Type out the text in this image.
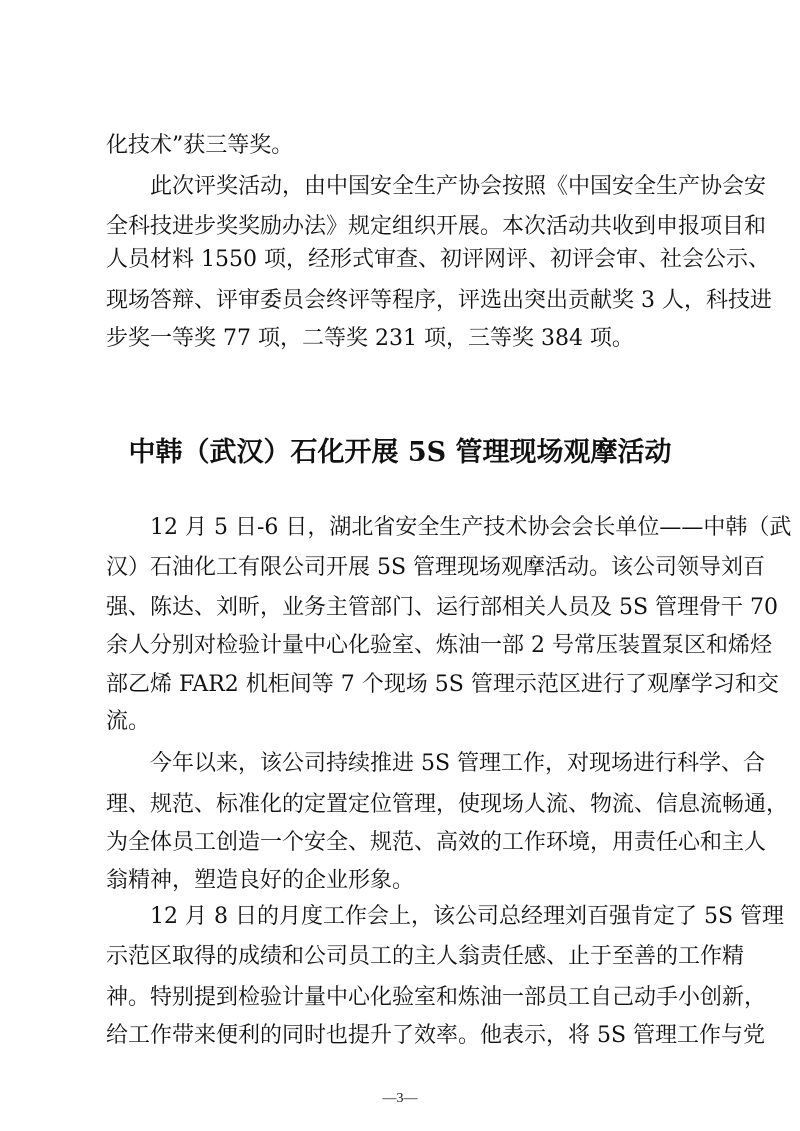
化技术”获三等奖。
此次评奖活动，由中国安全生产协会按照《中国安全生产协会安
全科技进步奖奖励办法》规定组织开展。本次活动共收到申报项目和
人员材料 1550 项，经形式审查、初评网评、初评会审、社会公示、
现场答辩、评审委员会终评等程序，评选出突出贡献奖 3 人，科技进
步奖一等奖 77 项，二等奖 231 项，三等奖 384 项。
中韩（武汉）石化开展 5S 管理现场观摩活动
12 月 5 日-6 日，湖北省安全生产技术协会会长单位——中韩（武
汉）石油化工有限公司开展 5S 管理现场观摩活动。该公司领导刘百
强、陈达、刘昕，业务主管部门、运行部相关人员及 5S 管理骨干 70
余人分别对检验计量中心化验室、炼油一部 2 号常压装置泵区和烯烃
部乙烯 FAR2 机柜间等 7 个现场 5S 管理示范区进行了观摩学习和交
流。
今年以来，该公司持续推进 5S 管理工作，对现场进行科学、合
理、规范、标准化的定置定位管理，使现场人流、物流、信息流畅通，
为全体员工创造一个安全、规范、高效的工作环境，用责任心和主人
翁精神，塑造良好的企业形象。
12 月 8 日的月度工作会上，该公司总经理刘百强肯定了 5S 管理
示范区取得的成绩和公司员工的主人翁责任感、止于至善的工作精
神。特别提到检验计量中心化验室和炼油一部员工自己动手小创新，
给工作带来便利的同时也提升了效率。他表示，将 5S 管理工作与党
—3—
